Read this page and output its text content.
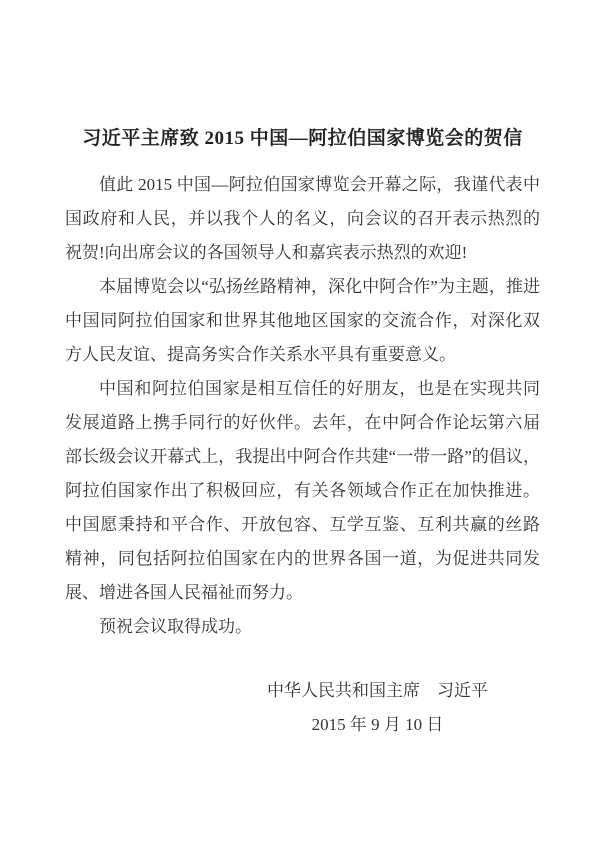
习近平主席致 2015 中国—阿拉伯国家博览会的贺信

值此 2015 中国—阿拉伯国家博览会开幕之际，我谨代表中国政府和人民，并以我个人的名义，向会议的召开表示热烈的祝贺!向出席会议的各国领导人和嘉宾表示热烈的欢迎!

本届博览会以“弘扬丝路精神，深化中阿合作”为主题，推进中国同阿拉伯国家和世界其他地区国家的交流合作，对深化双方人民友谊、提高务实合作关系水平具有重要意义。

中国和阿拉伯国家是相互信任的好朋友，也是在实现共同发展道路上携手同行的好伙伴。去年，在中阿合作论坛第六届部长级会议开幕式上，我提出中阿合作共建“一带一路”的倡议，阿拉伯国家作出了积极回应，有关各领域合作正在加快推进。中国愿秉持和平合作、开放包容、互学互鉴、互利共赢的丝路精神，同包括阿拉伯国家在内的世界各国一道，为促进共同发展、增进各国人民福祉而努力。

预祝会议取得成功。

中华人民共和国主席　习近平
2015 年 9 月 10 日
